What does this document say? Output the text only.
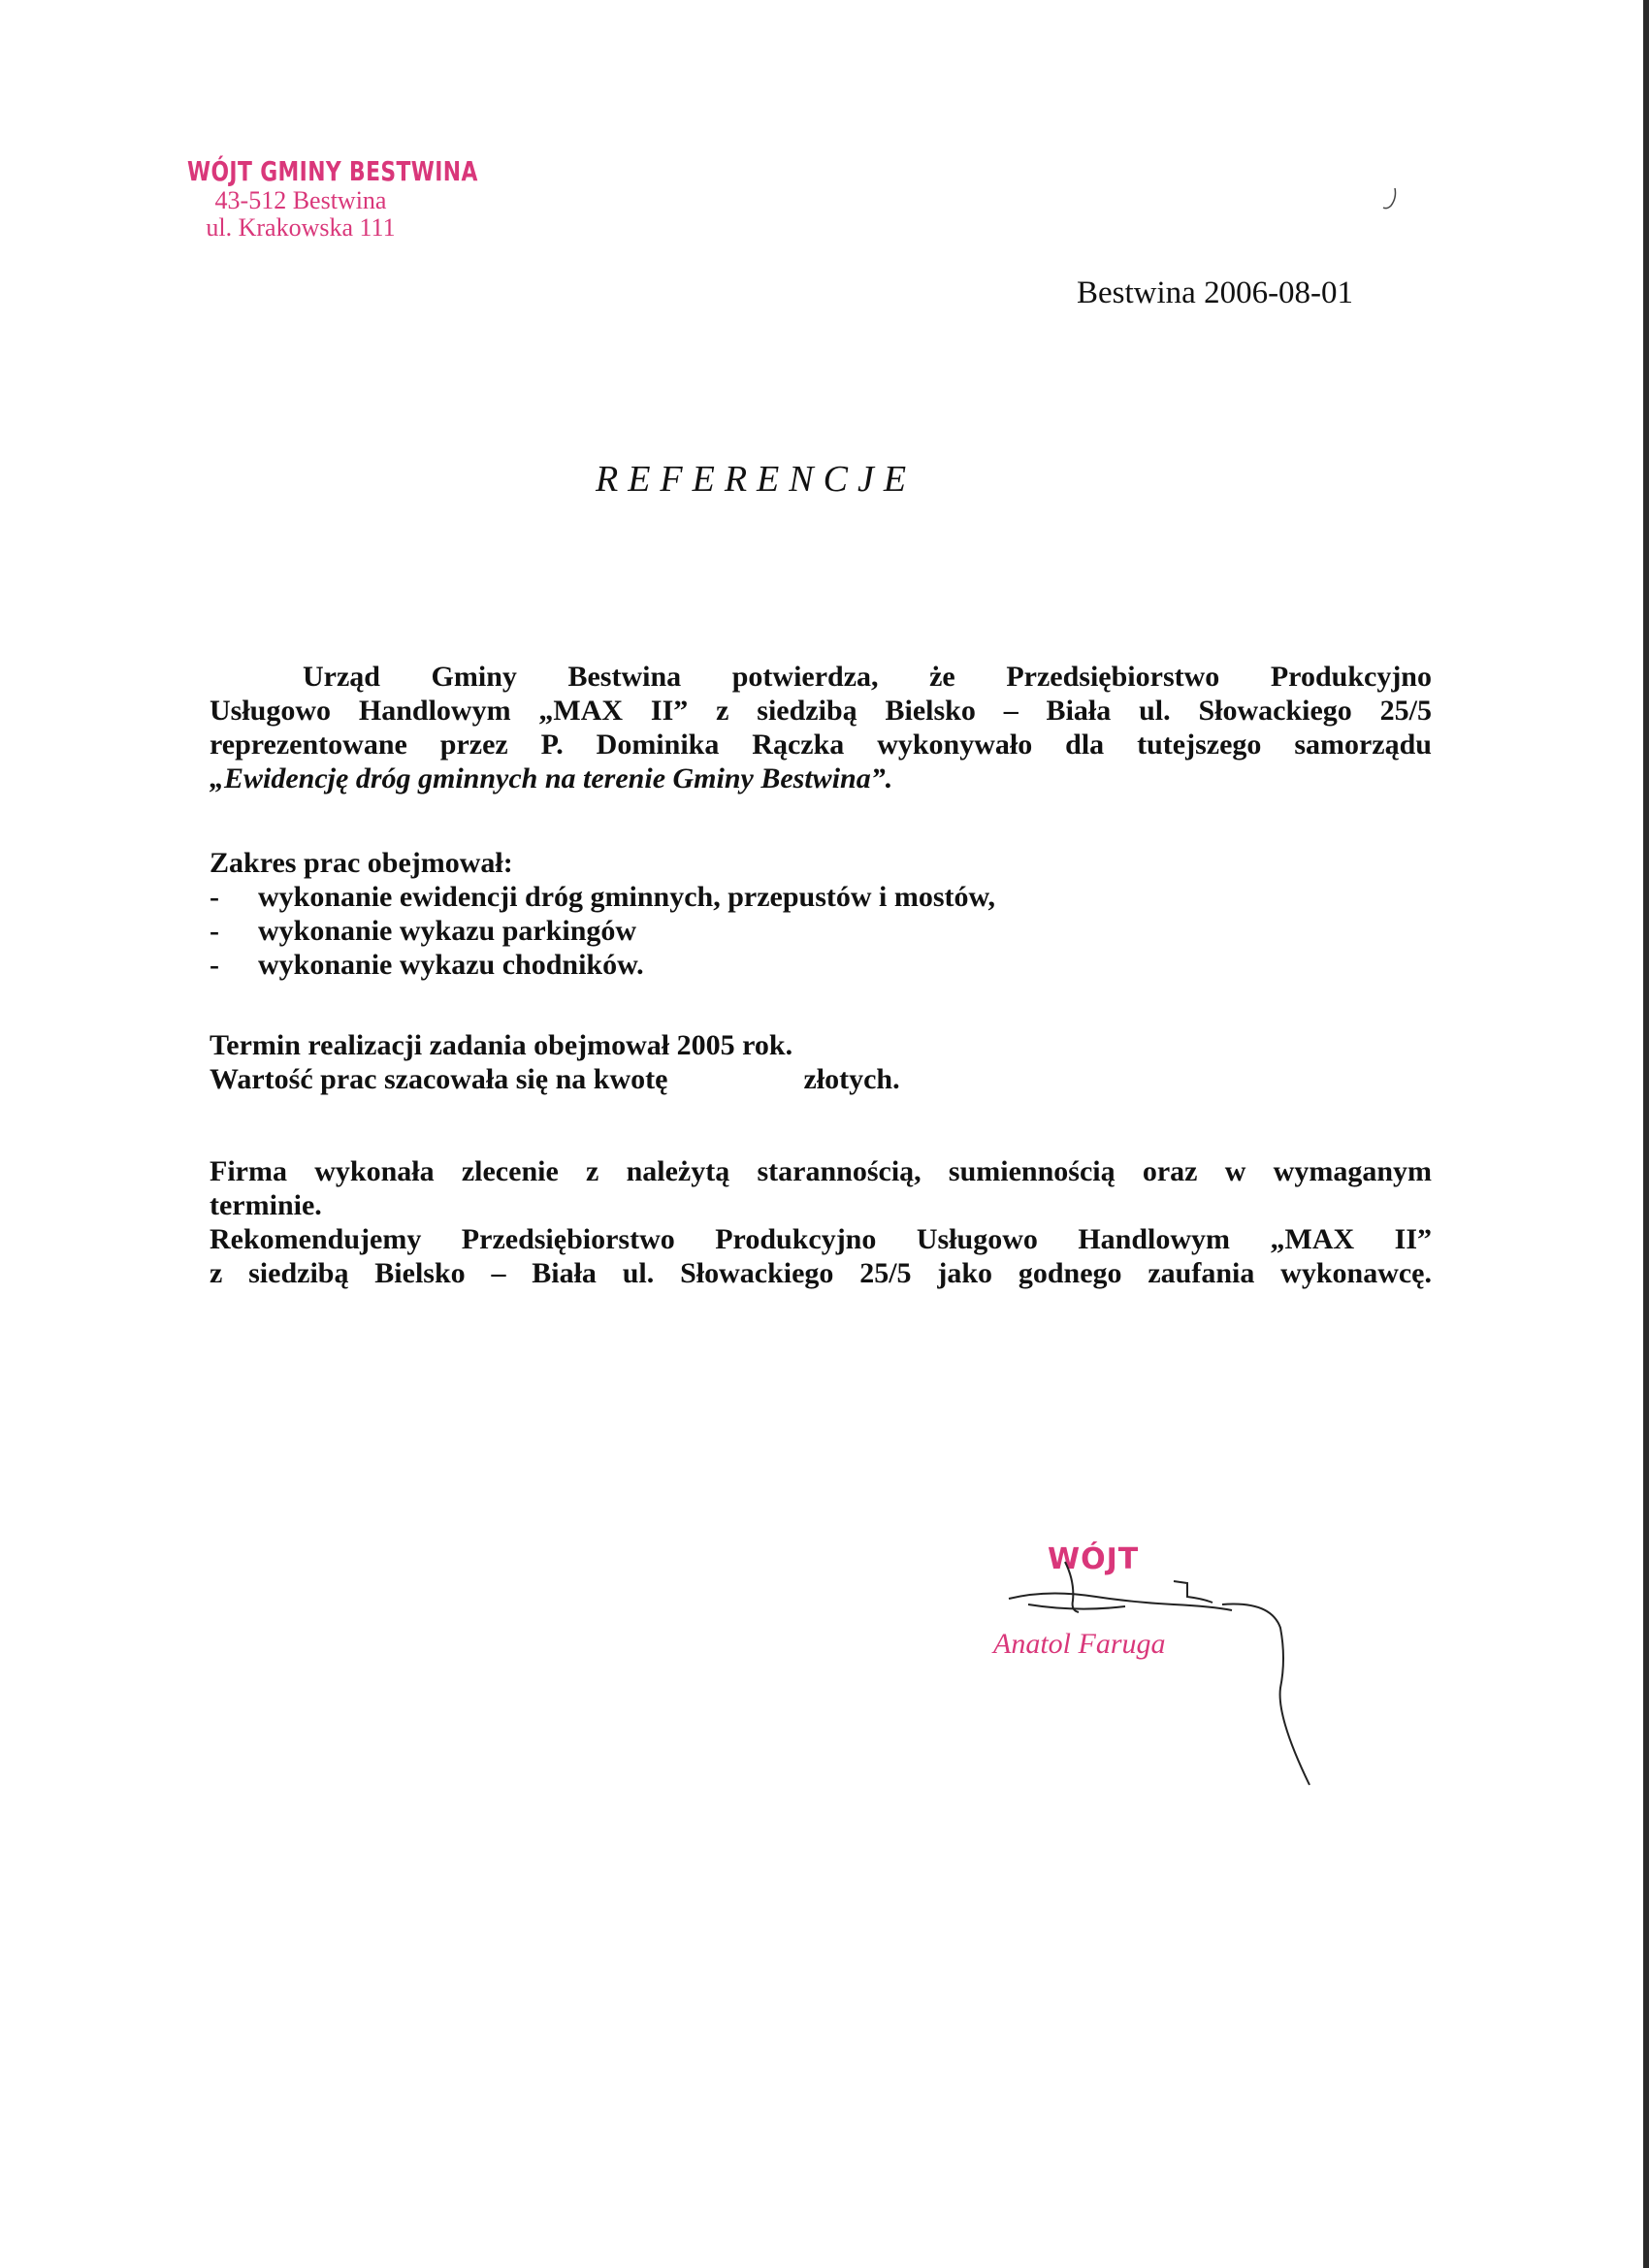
WÓJT GMINY BESTWINA
43-512 Bestwina
ul. Krakowska 111
Bestwina 2006-08-01
REFERENCJE
Urząd Gminy Bestwina potwierdza, że Przedsiębiorstwo Produkcyjno
Usługowo Handlowym „MAX II” z siedzibą Bielsko – Biała ul. Słowackiego 25/5
reprezentowane przez P. Dominika Rączka wykonywało dla tutejszego samorządu
„Ewidencję dróg gminnych na terenie Gminy Bestwina”.
Zakres prac obejmował:
-	wykonanie ewidencji dróg gminnych, przepustów i mostów,
-	wykonanie wykazu parkingów
-	wykonanie wykazu chodników.
Termin realizacji zadania obejmował 2005 rok.
Wartość prac szacowała się na kwotę	złotych.
Firma wykonała zlecenie z należytą starannością, sumiennością oraz w wymaganym
terminie.
Rekomendujemy Przedsiębiorstwo Produkcyjno Usługowo Handlowym „MAX II”
z siedzibą Bielsko – Biała ul. Słowackiego 25/5 jako godnego zaufania wykonawcę.
WÓJT
Anatol Faruga
